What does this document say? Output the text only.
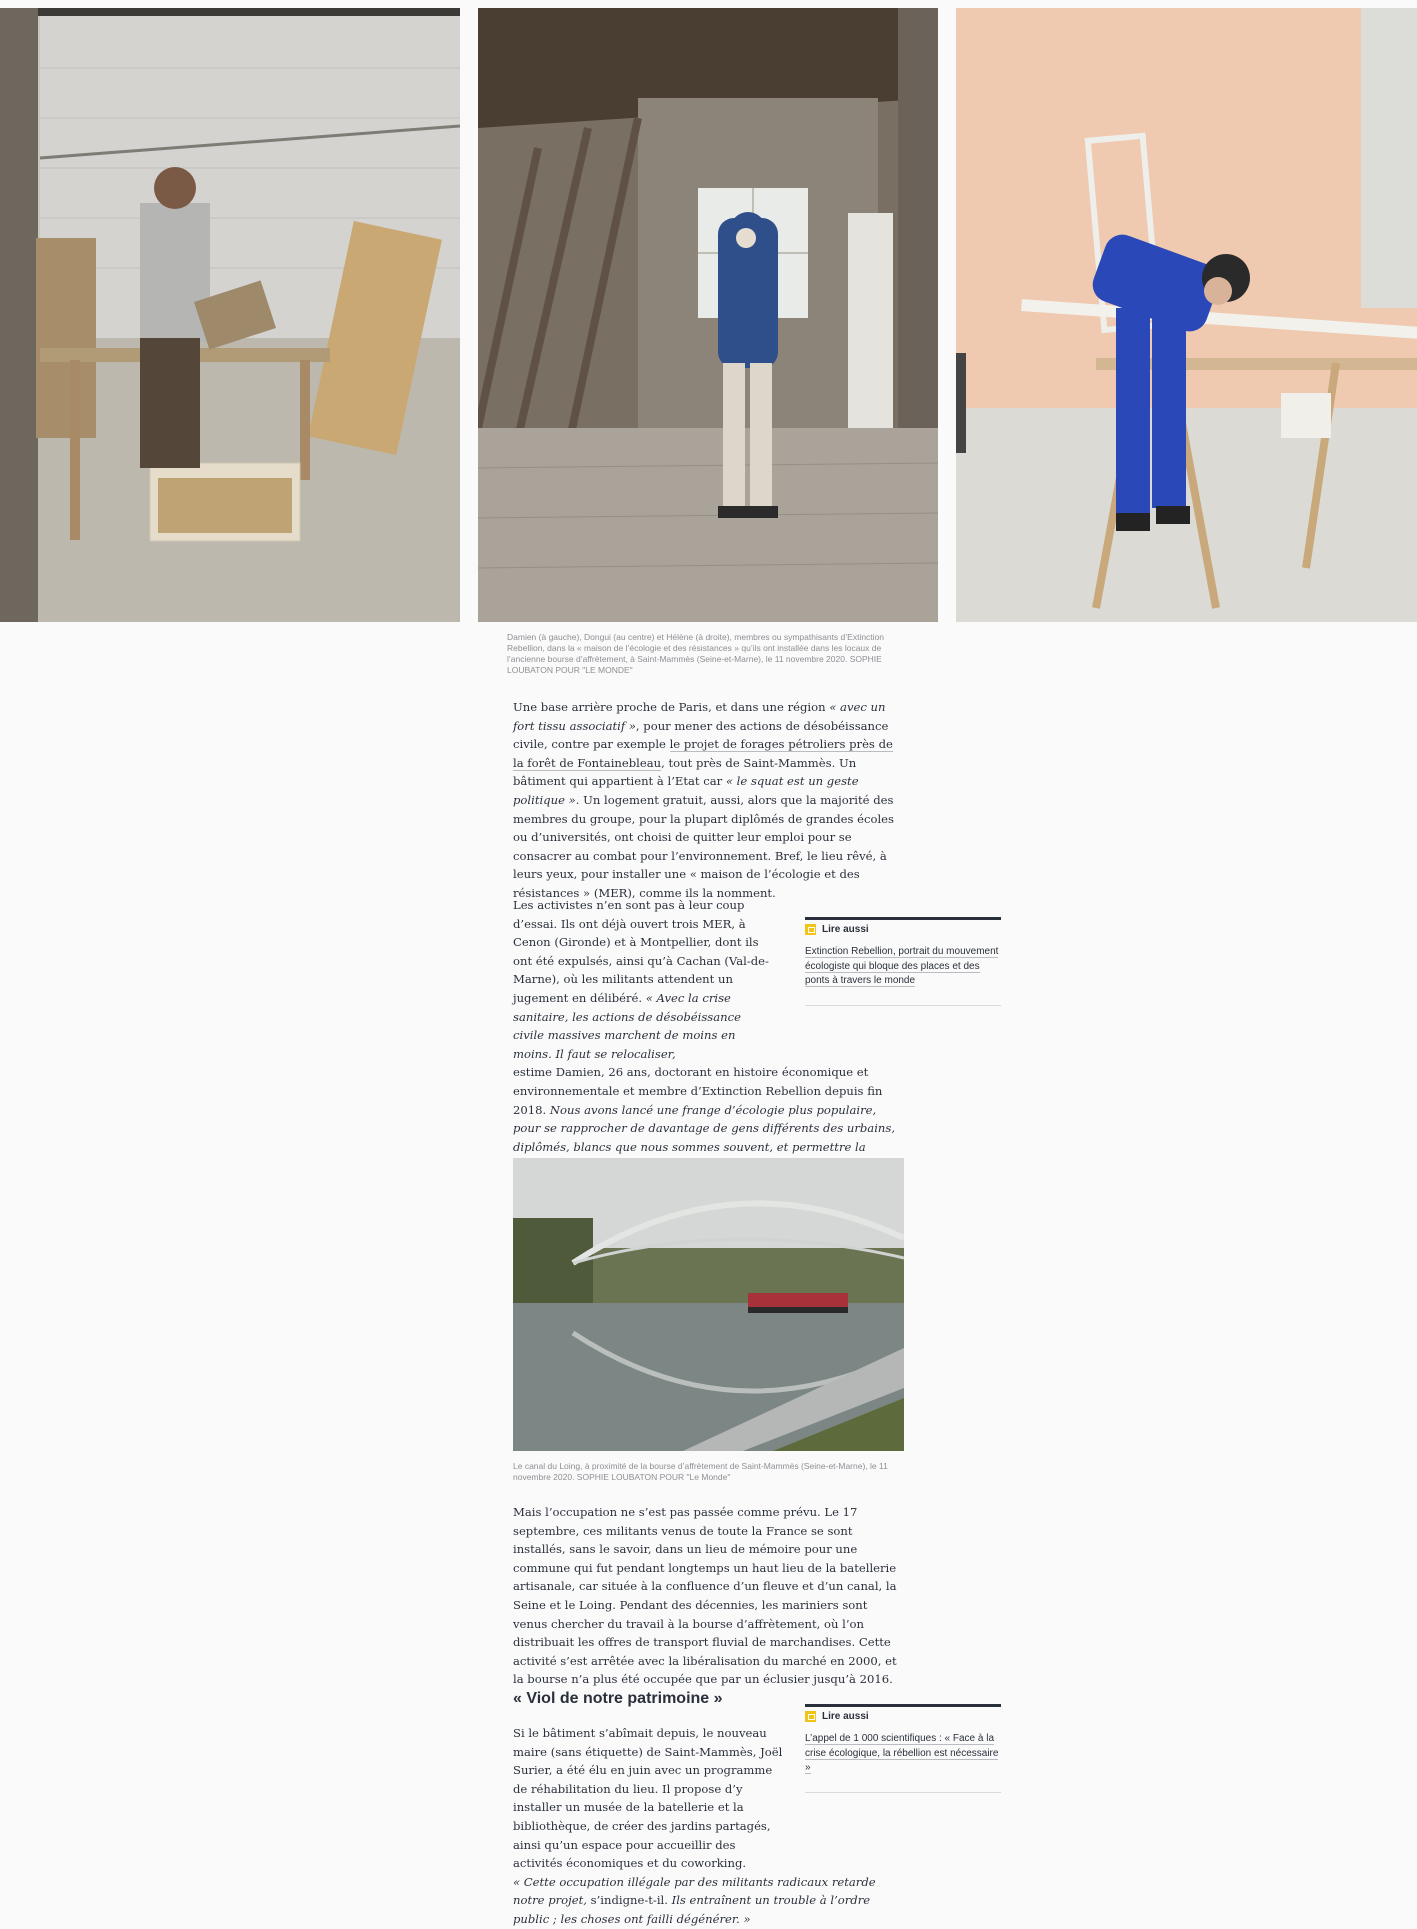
Damien (à gauche), Dongui (au centre) et Hélène (à droite), membres ou sympathisants d’Extinction Rebellion, dans la « maison de l’écologie et des résistances » qu’ils ont installée dans les locaux de l’ancienne bourse d’affrètement, à Saint-Mammès (Seine-et-Marne), le 11 novembre 2020. SOPHIE LOUBATON POUR "LE MONDE"

Une base arrière proche de Paris, et dans une région « avec un fort tissu associatif », pour mener des actions de désobéissance civile, contre par exemple le projet de forages pétroliers près de la forêt de Fontainebleau, tout près de Saint-Mammès. Un bâtiment qui appartient à l’Etat car « le squat est un geste politique ». Un logement gratuit, aussi, alors que la majorité des membres du groupe, pour la plupart diplômés de grandes écoles ou d’universités, ont choisi de quitter leur emploi pour se consacrer au combat pour l’environnement. Bref, le lieu rêvé, à leurs yeux, pour installer une « maison de l’écologie et des résistances » (MER), comme ils la nomment.

Lire aussi
Extinction Rebellion, portrait du mouvement écologiste qui bloque des places et des ponts à travers le monde

Les activistes n’en sont pas à leur coup d’essai. Ils ont déjà ouvert trois MER, à Cenon (Gironde) et à Montpellier, dont ils ont été expulsés, ainsi qu’à Cachan (Val-de-Marne), où les militants attendent un jugement en délibéré. « Avec la crise sanitaire, les actions de désobéissance civile massives marchent de moins en moins. Il faut se relocaliser,
estime Damien, 26 ans, doctorant en histoire économique et environnementale et membre d’Extinction Rebellion depuis fin 2018. Nous avons lancé une frange d’écologie plus populaire, pour se rapprocher de davantage de gens différents des urbains, diplômés, blancs que nous sommes souvent, et permettre la

Le canal du Loing, à proximité de la bourse d’affrètement de Saint-Mammès (Seine-et-Marne), le 11 novembre 2020. SOPHIE LOUBATON POUR "Le Monde"

Mais l’occupation ne s’est pas passée comme prévu. Le 17 septembre, ces militants venus de toute la France se sont installés, sans le savoir, dans un lieu de mémoire pour une commune qui fut pendant longtemps un haut lieu de la batellerie artisanale, car située à la confluence d’un fleuve et d’un canal, la Seine et le Loing. Pendant des décennies, les mariniers sont venus chercher du travail à la bourse d’affrètement, où l’on distribuait les offres de transport fluvial de marchandises. Cette activité s’est arrêtée avec la libéralisation du marché en 2000, et la bourse n’a plus été occupée que par un éclusier jusqu’à 2016.

« Viol de notre patrimoine »
Lire aussi
L’appel de 1 000 scientifiques : « Face à la crise écologique, la rébellion est nécessaire »

Si le bâtiment s’abîmait depuis, le nouveau maire (sans étiquette) de Saint-Mammès, Joël Surier, a été élu en juin avec un programme de réhabilitation du lieu. Il propose d’y installer un musée de la batellerie et la bibliothèque, de créer des jardins partagés, ainsi qu’un espace pour accueillir des activités économiques et du coworking.
« Cette occupation illégale par des militants radicaux retarde notre projet, s’indigne-t-il. Ils entraînent un trouble à l’ordre public ; les choses ont failli dégénérer. »
